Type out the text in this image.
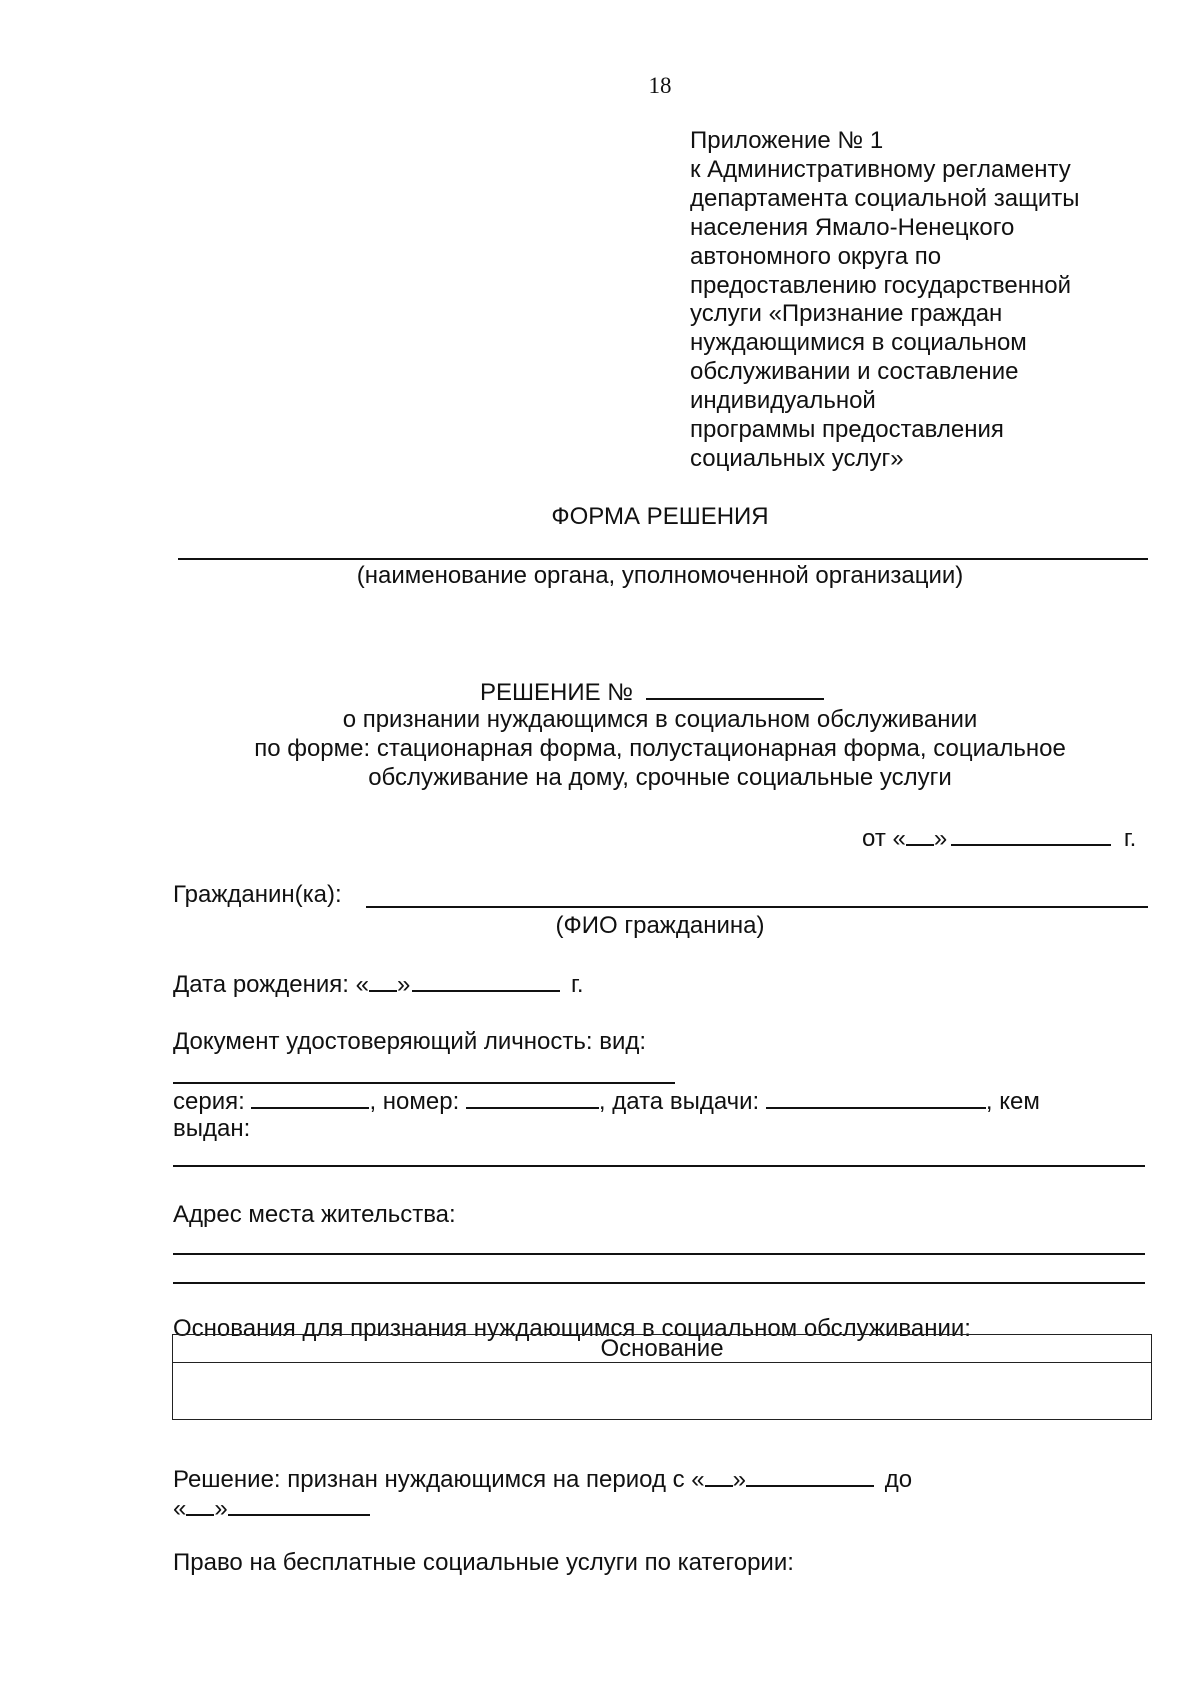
18
Приложение № 1
к Административному регламенту
департамента социальной защиты
населения Ямало-Ненецкого
автономного округа по
предоставлению государственной
услуги «Признание граждан
нуждающимися в социальном
обслуживании и составление
индивидуальной
программы предоставления
социальных услуг»
ФОРМА РЕШЕНИЯ
(наименование органа, уполномоченной организации)
РЕШЕНИЕ №
о признании нуждающимся в социальном обслуживании
по форме: стационарная форма, полустационарная форма, социальное
обслуживание на дому, срочные социальные услуги
от « »	г.
Гражданин(ка):
(ФИО гражданина)
Дата рождения: « »	г.
Документ удостоверяющий личность: вид:
серия:	, номер:	, дата выдачи:	, кем
выдан:
Адрес места жительства:
Основания для признания нуждающимся в социальном обслуживании:
Основание

Решение: признан нуждающимся на период с « »	до
« »
Право на бесплатные социальные услуги по категории:
